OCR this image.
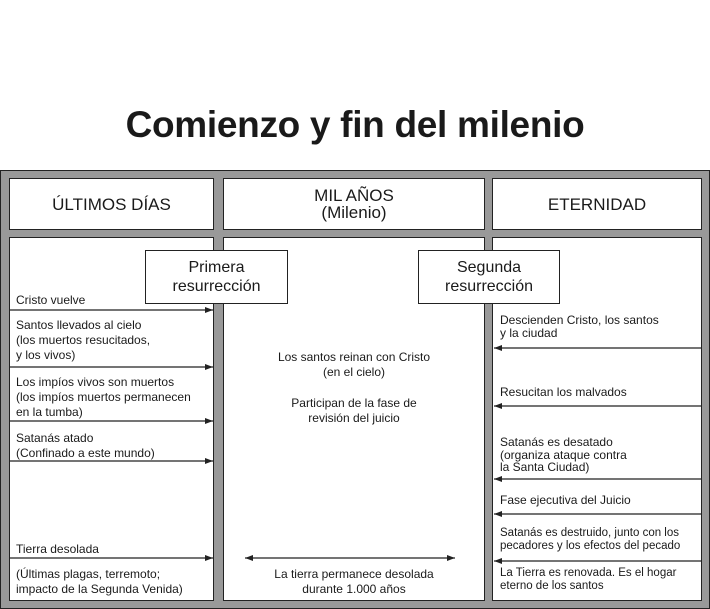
Comienzo y fin del milenio
ÚLTIMOS DÍAS	MIL AÑOS
(Milenio)	ETERNIDAD
Primera
resurrección
Segunda
resurrección
Cristo vuelve
Santos llevados al cielo
(los muertos resucitados,
y los vivos)
Los impíos vivos son muertos
(los impíos muertos permanecen
en la tumba)
Satanás atado
(Confinado a este mundo)
Tierra desolada
(Últimas plagas, terremoto;
impacto de la Segunda Venida)
Los santos reinan con Cristo
(en el cielo)
Participan de la fase de
revisión del juicio
La tierra permanece desolada
durante 1.000 años
Descienden Cristo, los santos
y la ciudad
Resucitan los malvados
Satanás es desatado
(organiza ataque contra
la Santa Ciudad)
Fase ejecutiva del Juicio
Satanás es destruido, junto con los
pecadores y los efectos del pecado
La Tierra es renovada. Es el hogar
eterno de los santos
